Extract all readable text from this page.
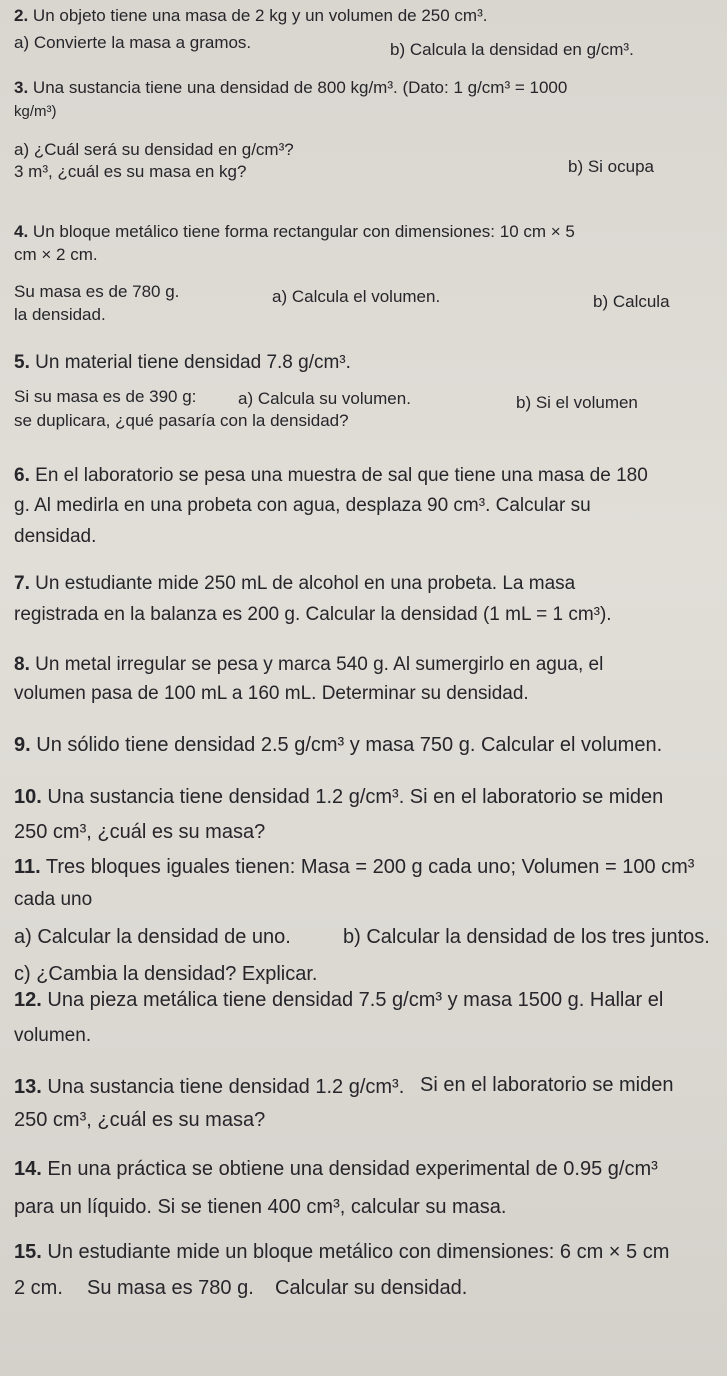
2. Un objeto tiene una masa de 2 kg y un volumen de 250 cm³.
a) Convierte la masa a gramos.	b) Calcula la densidad en g/cm³.
3. Una sustancia tiene una densidad de 800 kg/m³. (Dato: 1 g/cm³ = 1000
kg/m³)
a) ¿Cuál será su densidad en g/cm³?
b) Si ocupa
3 m³, ¿cuál es su masa en kg?
4. Un bloque metálico tiene forma rectangular con dimensiones: 10 cm × 5
cm × 2 cm.
Su masa es de 780 g.	a) Calcula el volumen.	b) Calcula
la densidad.
5. Un material tiene densidad 7.8 g/cm³.
Si su masa es de 390 g: a) Calcula su volumen.	b) Si el volumen
se duplicara, ¿qué pasaría con la densidad?
6. En el laboratorio se pesa una muestra de sal que tiene una masa de 180
g. Al medirla en una probeta con agua, desplaza 90 cm³. Calcular su
densidad.
7. Un estudiante mide 250 mL de alcohol en una probeta. La masa
registrada en la balanza es 200 g. Calcular la densidad (1 mL = 1 cm³).
8. Un metal irregular se pesa y marca 540 g. Al sumergirlo en agua, el
volumen pasa de 100 mL a 160 mL. Determinar su densidad.
9. Un sólido tiene densidad 2.5 g/cm³ y masa 750 g. Calcular el volumen.
10. Una sustancia tiene densidad 1.2 g/cm³. Si en el laboratorio se miden
250 cm³, ¿cuál es su masa?
11. Tres bloques iguales tienen: Masa = 200 g cada uno; Volumen = 100 cm³
cada uno
a) Calcular la densidad de uno.	b) Calcular la densidad de los tres juntos.
c) ¿Cambia la densidad? Explicar.
12. Una pieza metálica tiene densidad 7.5 g/cm³ y masa 1500 g. Hallar el
volumen.
13. Una sustancia tiene densidad 1.2 g/cm³. Si en el laboratorio se miden
250 cm³, ¿cuál es su masa?
14. En una práctica se obtiene una densidad experimental de 0.95 g/cm³
para un líquido. Si se tienen 400 cm³, calcular su masa.
15. Un estudiante mide un bloque metálico con dimensiones: 6 cm × 5 cm
2 cm. Su masa es 780 g. Calcular su densidad.
